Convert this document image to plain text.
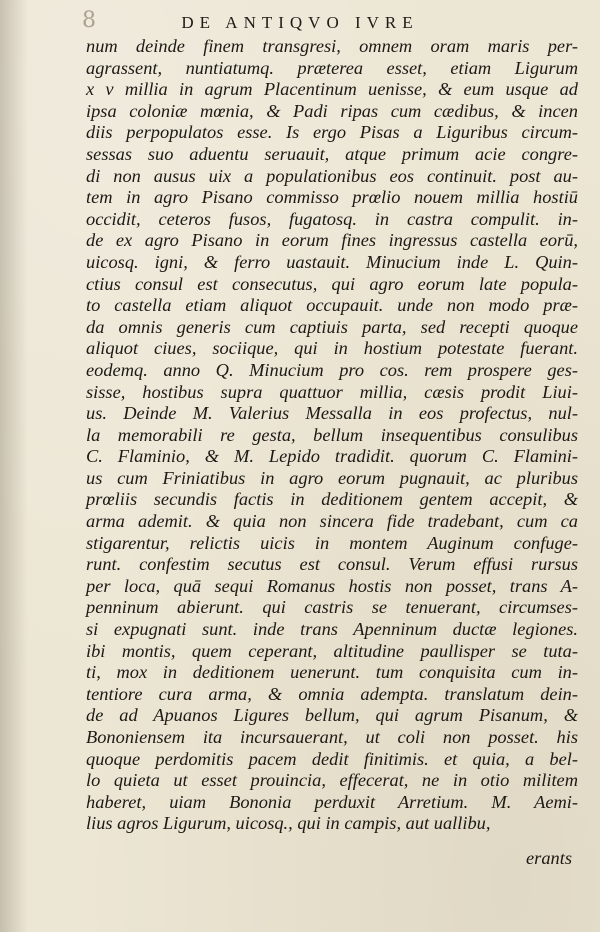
8	DE ANTIQVO IVRE
num deinde finem transgresi, omnem oram maris per-
agrassent, nuntiatumq. præterea esset, etiam Ligurum
x v millia in agrum Placentinum uenisse, & eum usque ad
ipsa coloniæ mœnia, & Padi ripas cum cædibus, & incen
diis perpopulatos esse. Is ergo Pisas a Liguribus circum-
sessas suo aduentu seruauit, atque primum acie congre-
di non ausus uix a populationibus eos continuit. post au-
tem in agro Pisano commisso prœlio nouem millia hostiū
occidit, ceteros fusos, fugatosq. in castra compulit. in-
de ex agro Pisano in eorum fines ingressus castella eorū,
uicosq. igni, & ferro uastauit. Minucium inde L. Quin-
ctius consul est consecutus, qui agro eorum late popula-
to castella etiam aliquot occupauit. unde non modo præ-
da omnis generis cum captiuis parta, sed recepti quoque
aliquot ciues, sociique, qui in hostium potestate fuerant.
eodemq. anno Q. Minucium pro cos. rem prospere ges-
sisse, hostibus supra quattuor millia, cæsis prodit Liui-
us. Deinde M. Valerius Messalla in eos profectus, nul-
la memorabili re gesta, bellum insequentibus consulibus
C. Flaminio, & M. Lepido tradidit. quorum C. Flamini-
us cum Friniatibus in agro eorum pugnauit, ac pluribus
prœliis secundis factis in deditionem gentem accepit, &
arma ademit. & quia non sincera fide tradebant, cum ca
stigarentur, relictis uicis in montem Auginum confuge-
runt. confestim secutus est consul. Verum effusi rursus
per loca, quā sequi Romanus hostis non posset, trans A-
penninum abierunt. qui castris se tenuerant, circumses-
si expugnati sunt. inde trans Apenninum ductæ legiones.
ibi montis, quem ceperant, altitudine paullisper se tuta-
ti, mox in deditionem uenerunt. tum conquisita cum in-
tentiore cura arma, & omnia adempta. translatum dein-
de ad Apuanos Ligures bellum, qui agrum Pisanum, &
Bononiensem ita incursauerant, ut coli non posset. his
quoque perdomitis pacem dedit finitimis. et quia, a bel-
lo quieta ut esset prouincia, effecerat, ne in otio militem
haberet, uiam Bononia perduxit Arretium. M. Aemi-
lius agros Ligurum, uicosq., qui in campis, aut uallibu,
erants
